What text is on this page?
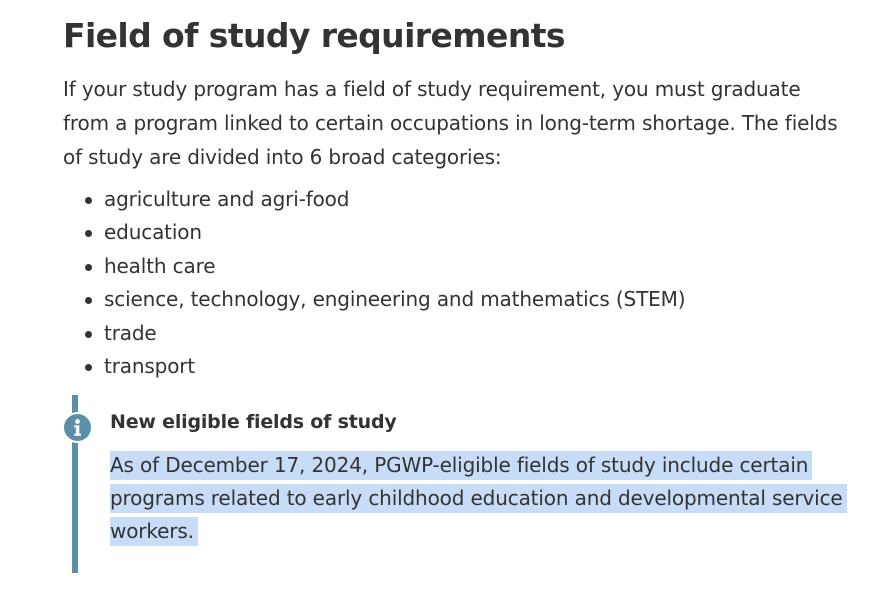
Field of study requirements

If your study program has a field of study requirement, you must graduate
from a program linked to certain occupations in long-term shortage. The fields
of study are divided into 6 broad categories:

agriculture and agri-food
education
health care
science, technology, engineering and mathematics (STEM)
trade
transport
New eligible fields of study

As of December 17, 2024, PGWP-eligible fields of study include certain
programs related to early childhood education and developmental service
workers.
